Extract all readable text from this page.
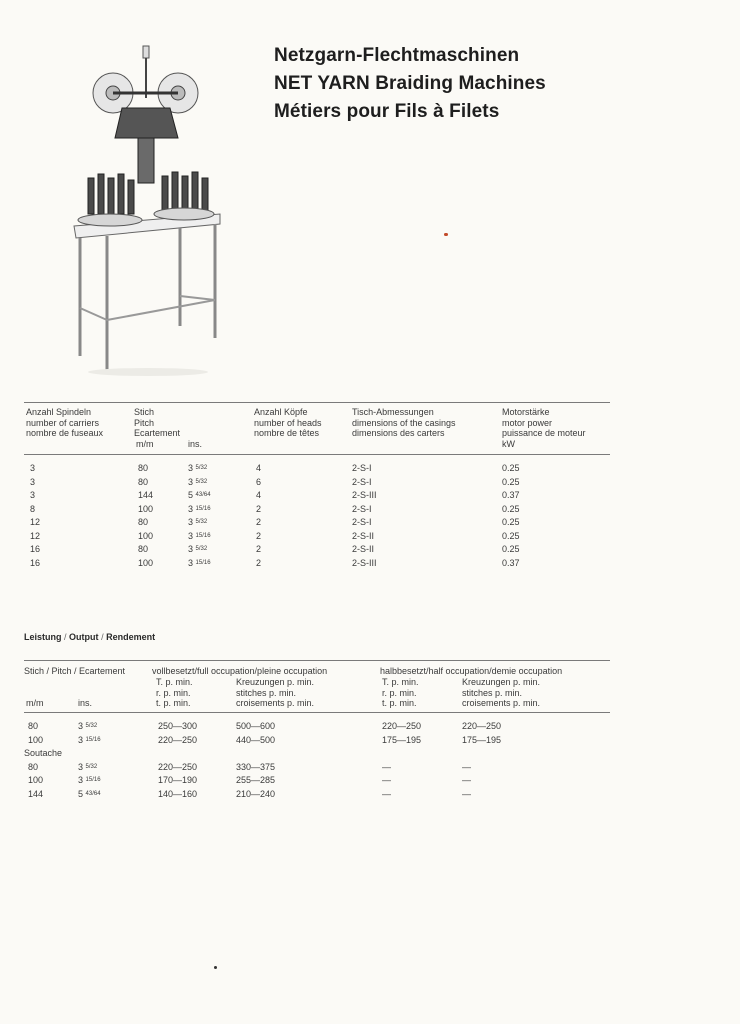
Netzgarn-Flechtmaschinen
NET YARN Braiding Machines
Métiers pour Fils à Filets
Anzahl Spindeln
number of carriers
nombre de fuseaux
Stich
Pitch
Ecartement
m/m	ins.
Anzahl Köpfe
number of heads
nombre de têtes
Tisch-Abmessungen
dimensions of the casings
dimensions des carters
Motorstärke
motor power
puissance de moteur
kW
3	80	3 $^{5/32}$	4	2-S-I	0.25
3	80	3 $^{5/32}$	6	2-S-I	0.25
3	144	5 $^{43/64}$	4	2-S-III	0.37
8	100	3 $^{15/16}$	2	2-S-I	0.25
12	80	3 $^{5/32}$	2	2-S-I	0.25
12	100	3 $^{15/16}$	2	2-S-II	0.25
16	80	3 $^{5/32}$	2	2-S-II	0.25
16	100	3 $^{15/16}$	2	2-S-III	0.37
Leistung / Output / Rendement
Stich / Pitch / Ecartement
m/m	ins.
vollbesetzt/full occupation/pleine occupation
T. p. min.
r. p. min.
t. p. min.
Kreuzungen p. min.
stitches p. min.
croisements p. min.
halbbesetzt/half occupation/demie occupation
T. p. min.
r. p. min.
t. p. min.
Kreuzungen p. min.
stitches p. min.
croisements p. min.
80	3 $^{5/32}$	250—300	500—600	220—250	220—250
100	3 $^{15/16}$	220—250	440—500	175—195	175—195
Soutache
80	3 $^{5/32}$	220—250	330—375	—	—
100	3 $^{15/16}$	170—190	255—285	—	—
144	5 $^{43/64}$	140—160	210—240	—	—
